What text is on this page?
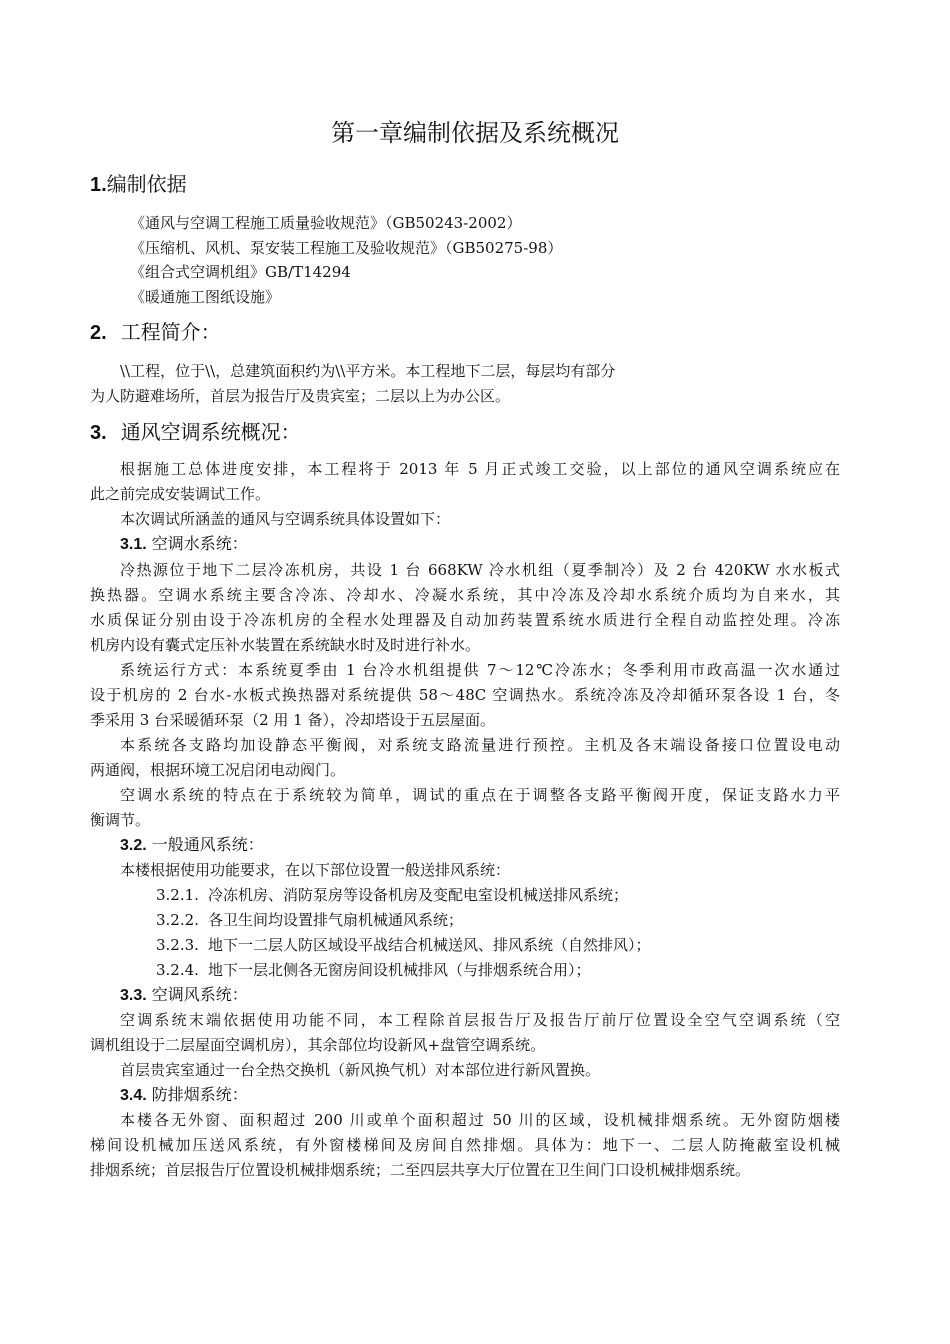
第一章编制依据及系统概况
1.编制依据
《通风与空调工程施工质量验收规范》（GB50243-2002）
《压缩机、风机、泵安装工程施工及验收规范》（GB50275-98）
《组合式空调机组》GB/T14294
《暖通施工图纸设施》
2. 工程简介：
\\工程，位于\\，总建筑面积约为\\平方米。本工程地下二层，每层均有部分
为人防避难场所，首层为报告厅及贵宾室；二层以上为办公区。
3. 通风空调系统概况：
根据施工总体进度安排，本工程将于 2013 年 5 月正式竣工交验，以上部位的通风空调系统应在
此之前完成安装调试工作。
本次调试所涵盖的通风与空调系统具体设置如下：
3.1. 空调水系统：
冷热源位于地下二层冷冻机房，共设 1 台 668KW 冷水机组（夏季制冷）及 2 台 420KW 水水板式
换热器。空调水系统主要含冷冻、冷却水、冷凝水系统，其中冷冻及冷却水系统介质均为自来水，其
水质保证分别由设于冷冻机房的全程水处理器及自动加药装置系统水质进行全程自动监控处理。冷冻
机房内设有囊式定压补水装置在系统缺水时及时进行补水。
系统运行方式：本系统夏季由 1 台冷水机组提供 7～12℃冷冻水；冬季利用市政高温一次水通过
设于机房的 2 台水-水板式换热器对系统提供 58～48C 空调热水。系统冷冻及冷却循环泵各设 1 台，冬
季采用 3 台采暖循环泵（2 用 1 备），冷却塔设于五层屋面。
本系统各支路均加设静态平衡阀，对系统支路流量进行预控。主机及各末端设备接口位置设电动
两通阀，根据环境工况启闭电动阀门。
空调水系统的特点在于系统较为简单，调试的重点在于调整各支路平衡阀开度，保证支路水力平
衡调节。
3.2. 一般通风系统：
本楼根据使用功能要求，在以下部位设置一般送排风系统：
3.2.1. 冷冻机房、消防泵房等设备机房及变配电室设机械送排风系统；
3.2.2. 各卫生间均设置排气扇机械通风系统；
3.2.3. 地下一二层人防区域设平战结合机械送风、排风系统（自然排风）；
3.2.4. 地下一层北侧各无窗房间设机械排风（与排烟系统合用）；
3.3. 空调风系统：
空调系统末端依据使用功能不同，本工程除首层报告厅及报告厅前厅位置设全空气空调系统（空
调机组设于二层屋面空调机房），其余部位均设新风+盘管空调系统。
首层贵宾室通过一台全热交换机（新风换气机）对本部位进行新风置换。
3.4. 防排烟系统：
本楼各无外窗、面积超过 200 川或单个面积超过 50 川的区域，设机械排烟系统。无外窗防烟楼
梯间设机械加压送风系统，有外窗楼梯间及房间自然排烟。具体为：地下一、二层人防掩蔽室设机械
排烟系统；首层报告厅位置设机械排烟系统；二至四层共享大厅位置在卫生间门口设机械排烟系统。
